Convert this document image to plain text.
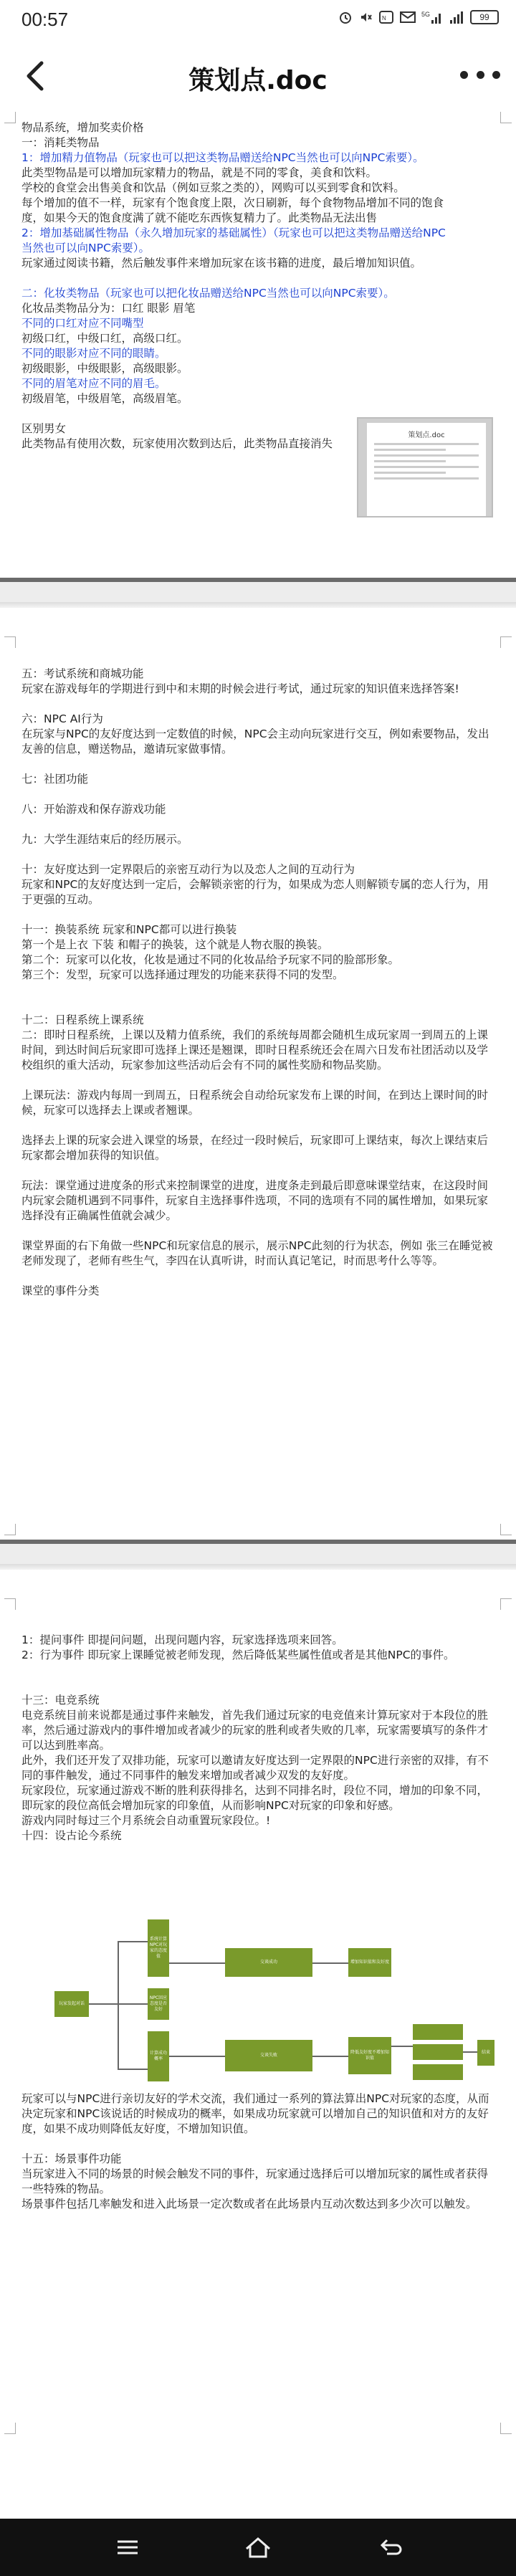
00:57	N
5G	99
策划点.doc

物品系统，增加奖卖价格

一：消耗类物品

1：增加精力值物品（玩家也可以把这类物品赠送给NPC当然也可以向NPC索要）。

此类型物品是可以增加玩家精力的物品，就是不同的零食，美食和饮料。

学校的食堂会出售美食和饮品（例如豆浆之类的），网购可以买到零食和饮料。

每个增加的值不一样，玩家有个饱食度上限，次日刷新，每个食物物品增加不同的饱食

度，如果今天的饱食度满了就不能吃东西恢复精力了。此类物品无法出售

2：增加基础属性物品（永久增加玩家的基础属性）（玩家也可以把这类物品赠送给NPC

当然也可以向NPC索要）。

玩家通过阅读书籍，然后触发事件来增加玩家在该书籍的进度，最后增加知识值。

二：化妆类物品（玩家也可以把化妆品赠送给NPC当然也可以向NPC索要）。

化妆品类物品分为：口红 眼影 眉笔

不同的口红对应不同嘴型

初级口红，中级口红，高级口红。

不同的眼影对应不同的眼睛。

初级眼影，中级眼影，高级眼影。

不同的眉笔对应不同的眉毛。

初级眉笔，中级眉笔，高级眉笔。

区别男女

此类物品有使用次数，玩家使用次数到达后，此类物品直接消失

策划点.doc

五：考试系统和商城功能

玩家在游戏每年的学期进行到中和末期的时候会进行考试，通过玩家的知识值来选择答案!

六：NPC AI行为

在玩家与NPC的友好度达到一定数值的时候，NPC会主动向玩家进行交互，例如索要物品，发出友善的信息，赠送物品，邀请玩家做事情。

七：社团功能

八：开始游戏和保存游戏功能

九：大学生涯结束后的经历展示。

十：友好度达到一定界限后的亲密互动行为以及恋人之间的互动行为

玩家和NPC的友好度达到一定后，会解锁亲密的行为，如果成为恋人则解锁专属的恋人行为，用于更强的互动。

十一：换装系统 玩家和NPC都可以进行换装

第一个是上衣 下装 和帽子的换装，这个就是人物衣服的换装。

第二个：玩家可以化妆，化妆是通过不同的化妆品给予玩家不同的脸部形象。

第三个：发型，玩家可以选择通过理发的功能来获得不同的发型。

十二：日程系统上课系统

二：即时日程系统，上课以及精力值系统，我们的系统每周都会随机生成玩家周一到周五的上课时间，到达时间后玩家即可选择上课还是翘课，即时日程系统还会在周六日发布社团活动以及学校组织的重大活动，玩家参加这些活动后会有不同的属性奖励和物品奖励。

上课玩法：游戏内每周一到周五，日程系统会自动给玩家发布上课的时间，在到达上课时间的时候，玩家可以选择去上课或者翘课。

选择去上课的玩家会进入课堂的场景，在经过一段时候后，玩家即可上课结束，每次上课结束后玩家都会增加获得的知识值。

玩法：课堂通过进度条的形式来控制课堂的进度，进度条走到最后即意味课堂结束，在这段时间内玩家会随机遇到不同事件，玩家自主选择事件选项，不同的选项有不同的属性增加，如果玩家选择没有正确属性值就会减少。

课堂界面的右下角做一些NPC和玩家信息的展示，展示NPC此刻的行为状态，例如 张三在睡觉被老师发现了，老师有些生气，李四在认真听讲，时而认真记笔记，时而思考什么等等。

课堂的事件分类

1：提问事件 即提问问题，出现问题内容，玩家选择选项来回答。

2：行为事件 即玩家上课睡觉被老师发现，然后降低某些属性值或者是其他NPC的事件。

十三：电竞系统

电竞系统目前来说都是通过事件来触发，首先我们通过玩家的电竞值来计算玩家对于本段位的胜率，然后通过游戏内的事件增加或者减少的玩家的胜利或者失败的几率，玩家需要填写的条件才可以达到胜率高。

此外，我们还开发了双排功能，玩家可以邀请友好度达到一定界限的NPC进行亲密的双排，有不同的事件触发，通过不同事件的触发来增加或者减少双发的友好度。

玩家段位，玩家通过游戏不断的胜利获得排名，达到不同排名时，段位不同，增加的印象不同，即玩家的段位高低会增加玩家的印象值，从而影响NPC对玩家的印象和好感。

游戏内同时每过三个月系统会自动重置玩家段位。!

十四：设古论今系统

玩家可以与NPC进行亲切友好的学术交流，我们通过一系列的算法算出NPC对玩家的态度，从而决定玩家和NPC该说话的时候成功的概率，如果成功玩家就可以增加自己的知识值和对方的友好度，如果不成功则降低友好度，不增加知识值。

十五：场景事件功能

当玩家进入不同的场景的时候会触发不同的事件，玩家通过选择后可以增加玩家的属性或者获得一些特殊的物品。

场景事件包括几率触发和进入此场景一定次数或者在此场景内互动次数达到多少次可以触发。

玩家发起对话
系统计算NPC对玩家的态度值
NPC回应态度是否友好
计算成功概率
交谈成功	增加知识值和友好度
交谈失败
降低友好度不增加知识值
结束
